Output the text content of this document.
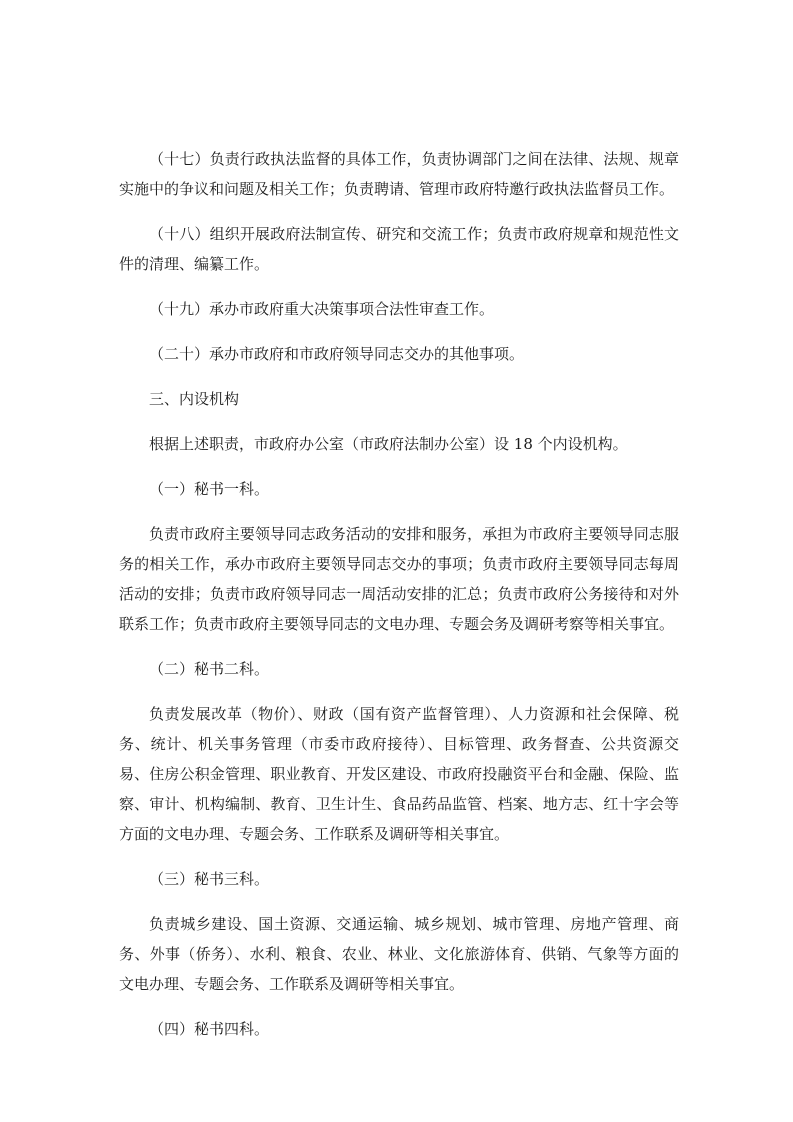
（十七）负责行政执法监督的具体工作，负责协调部门之间在法律、法规、规章实施中的争议和问题及相关工作；负责聘请、管理市政府特邀行政执法监督员工作。

（十八）组织开展政府法制宣传、研究和交流工作；负责市政府规章和规范性文件的清理、编纂工作。

（十九）承办市政府重大决策事项合法性审查工作。

（二十）承办市政府和市政府领导同志交办的其他事项。

三、内设机构

根据上述职责，市政府办公室（市政府法制办公室）设 18 个内设机构。

（一）秘书一科。

负责市政府主要领导同志政务活动的安排和服务，承担为市政府主要领导同志服务的相关工作，承办市政府主要领导同志交办的事项；负责市政府主要领导同志每周活动的安排；负责市政府领导同志一周活动安排的汇总；负责市政府公务接待和对外联系工作；负责市政府主要领导同志的文电办理、专题会务及调研考察等相关事宜。

（二）秘书二科。

负责发展改革（物价）、财政（国有资产监督管理）、人力资源和社会保障、税务、统计、机关事务管理（市委市政府接待）、目标管理、政务督查、公共资源交易、住房公积金管理、职业教育、开发区建设、市政府投融资平台和金融、保险、监察、审计、机构编制、教育、卫生计生、食品药品监管、档案、地方志、红十字会等方面的文电办理、专题会务、工作联系及调研等相关事宜。

（三）秘书三科。

负责城乡建设、国土资源、交通运输、城乡规划、城市管理、房地产管理、商务、外事（侨务）、水利、粮食、农业、林业、文化旅游体育、供销、气象等方面的文电办理、专题会务、工作联系及调研等相关事宜。

（四）秘书四科。
